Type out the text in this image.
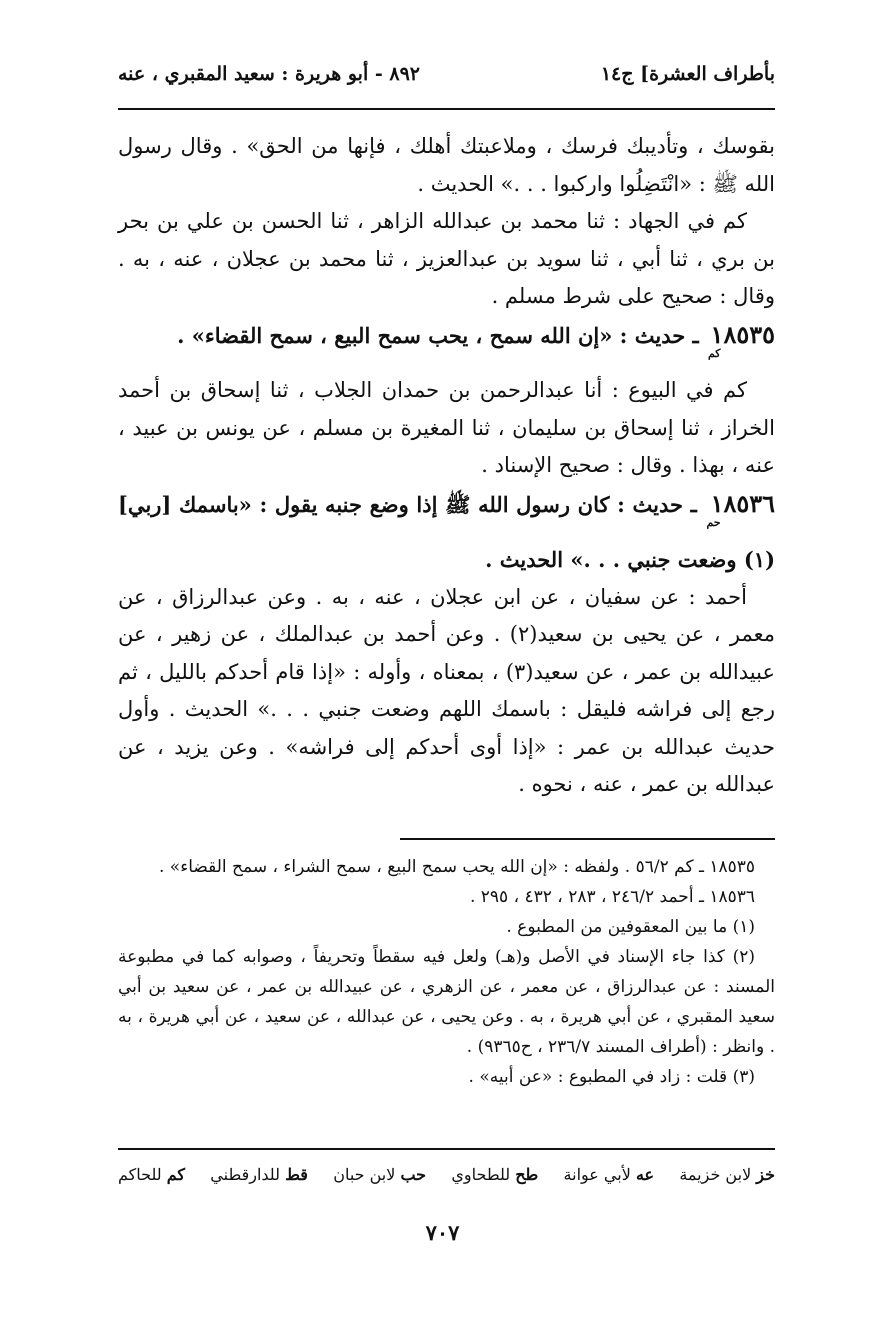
بأطراف العشرة] ج١٤
٨٩٢ - أبو هريرة : سعيد المقبري ، عنه

بقوسك ، وتأديبك فرسك ، وملاعبتك أهلك ، فإنها من الحق» . وقال رسول الله ﷺ : «انْتَضِلُوا واركبوا . . .» الحديث .

كم في الجهاد : ثنا محمد بن عبدالله الزاهر ، ثنا الحسن بن علي بن بحر بن بري ، ثنا أبي ، ثنا سويد بن عبدالعزيز ، ثنا محمد بن عجلان ، عنه ، به . وقال : صحيح على شرط مسلم .

$١٨٥٣٥_{كم}$ ـ حديث : «إن الله سمح ، يحب سمح البيع ، سمح القضاء» .

كم في البيوع : أنا عبدالرحمن بن حمدان الجلاب ، ثنا إسحاق بن أحمد الخراز ، ثنا إسحاق بن سليمان ، ثنا المغيرة بن مسلم ، عن يونس بن عبيد ، عنه ، بهذا . وقال : صحيح الإسناد .

$١٨٥٣٦_{حم}$ ـ حديث : كان رسول الله ﷺ إذا وضع جنبه يقول : «باسمك [ربي](١) وضعت جنبي . . .» الحديث .

أحمد : عن سفيان ، عن ابن عجلان ، عنه ، به . وعن عبدالرزاق ، عن معمر ، عن يحيى بن سعيد(٢) . وعن أحمد بن عبدالملك ، عن زهير ، عن عبيدالله بن عمر ، عن سعيد(٣) ، بمعناه ، وأوله : «إذا قام أحدكم بالليل ، ثم رجع إلى فراشه فليقل : باسمك اللهم وضعت جنبي . . .» الحديث . وأول حديث عبدالله بن عمر : «إذا أوى أحدكم إلى فراشه» . وعن يزيد ، عن عبدالله بن عمر ، عنه ، نحوه .

١٨٥٣٥ ـ كم ٥٦/٢ . ولفظه : «إن الله يحب سمح البيع ، سمح الشراء ، سمح القضاء» .

١٨٥٣٦ ـ أحمد ٢٤٦/٢ ، ٢٨٣ ، ٤٣٢ ، ٢٩٥ .

(١) ما بين المعقوفين من المطبوع .

(٢) كذا جاء الإسناد في الأصل و(هـ) ولعل فيه سقطاً وتحريفاً ، وصوابه كما في مطبوعة المسند : عن عبدالرزاق ، عن معمر ، عن الزهري ، عن عبيدالله بن عمر ، عن سعيد بن أبي سعيد المقبري ، عن أبي هريرة ، به . وعن يحيى ، عن عبدالله ، عن سعيد ، عن أبي هريرة ، به . وانظر : (أطراف المسند ٢٣٦/٧ ، ح٩٣٦٥) .

(٣) قلت : زاد في المطبوع : «عن أبيه» .

خز لابن خزيمة
عه لأبي عوانة
طح للطحاوي
حب لابن حبان
قط للدارقطني
كم للحاكم
٧٠٧
